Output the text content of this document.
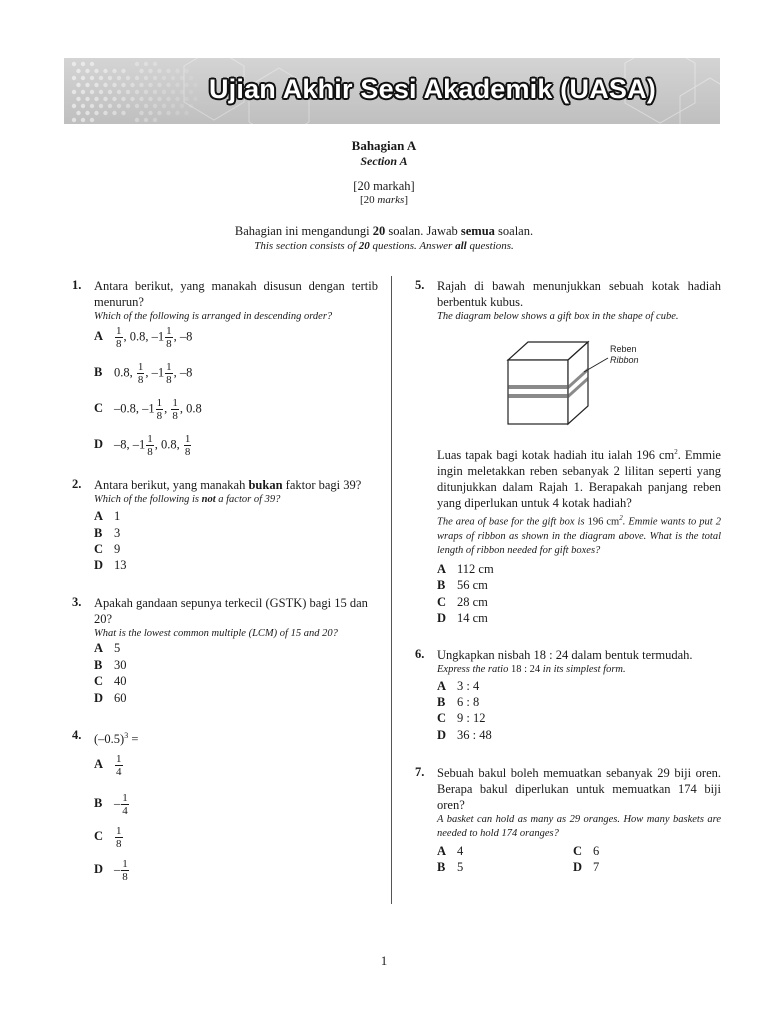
Ujian Akhir Sesi Akademik (UASA)
Bahagian A
Section A
[20 markah]
[20 marks]
Bahagian ini mengandungi 20 soalan. Jawab semua soalan.
This section consists of 20 questions. Answer all questions.
1. Antara berikut, yang manakah disusun dengan tertib menurun?
Which of the following is arranged in descending order?
A $\frac{1}{8}$ , 0.8, $-1 \frac{1}{8}$ , –8
B 0.8, $\frac{1}{8}$ , $-1 \frac{1}{8}$ , –8
C –0.8, $-1 \frac{1}{8}$ , $\frac{1}{8}$ , 0.8
D –8, $-1 \frac{1}{8}$ , 0.8, $\frac{1}{8}$
2. Antara berikut, yang manakah bukan faktor bagi 39?
Which of the following is not a factor of 39?
A 1
B 3
C 9
D 13
3. Apakah gandaan sepunya terkecil (GSTK) bagi 15 dan 20?
What is the lowest common multiple (LCM) of 15 and 20?
A 5
B 30
C 40
D 60
4. $(-0.5)^3$ =
A $\frac{1}{4}$
B – $\frac{1}{4}$
C $\frac{1}{8}$
D – $\frac{1}{8}$
5. Rajah di bawah menunjukkan sebuah kotak hadiah berbentuk kubus.
The diagram below shows a gift box in the shape of cube.
Reben
Ribbon
Luas tapak bagi kotak hadiah itu ialah 196 $cm^2$. Emmie ingin meletakkan reben sebanyak 2 lilitan seperti yang ditunjukkan dalam Rajah 1. Berapakah panjang reben yang diperlukan untuk 4 kotak hadiah?
The area of base for the gift box is 196 $cm^2$. Emmie wants to put 2 wraps of ribbon as shown in the diagram above. What is the total length of ribbon needed for gift boxes?
A 112 cm
B 56 cm
C 28 cm
D 14 cm
6. Ungkapkan nisbah 18 : 24 dalam bentuk termudah.
Express the ratio 18 : 24 in its simplest form.
A 3 : 4
B 6 : 8
C 9 : 12
D 36 : 48
7. Sebuah bakul boleh memuatkan sebanyak 29 biji oren. Berapa bakul diperlukan untuk memuatkan 174 biji oren?
A basket can hold as many as 29 oranges. How many baskets are needed to hold 174 oranges?
A 4
B 5
C 6
D 7
1
